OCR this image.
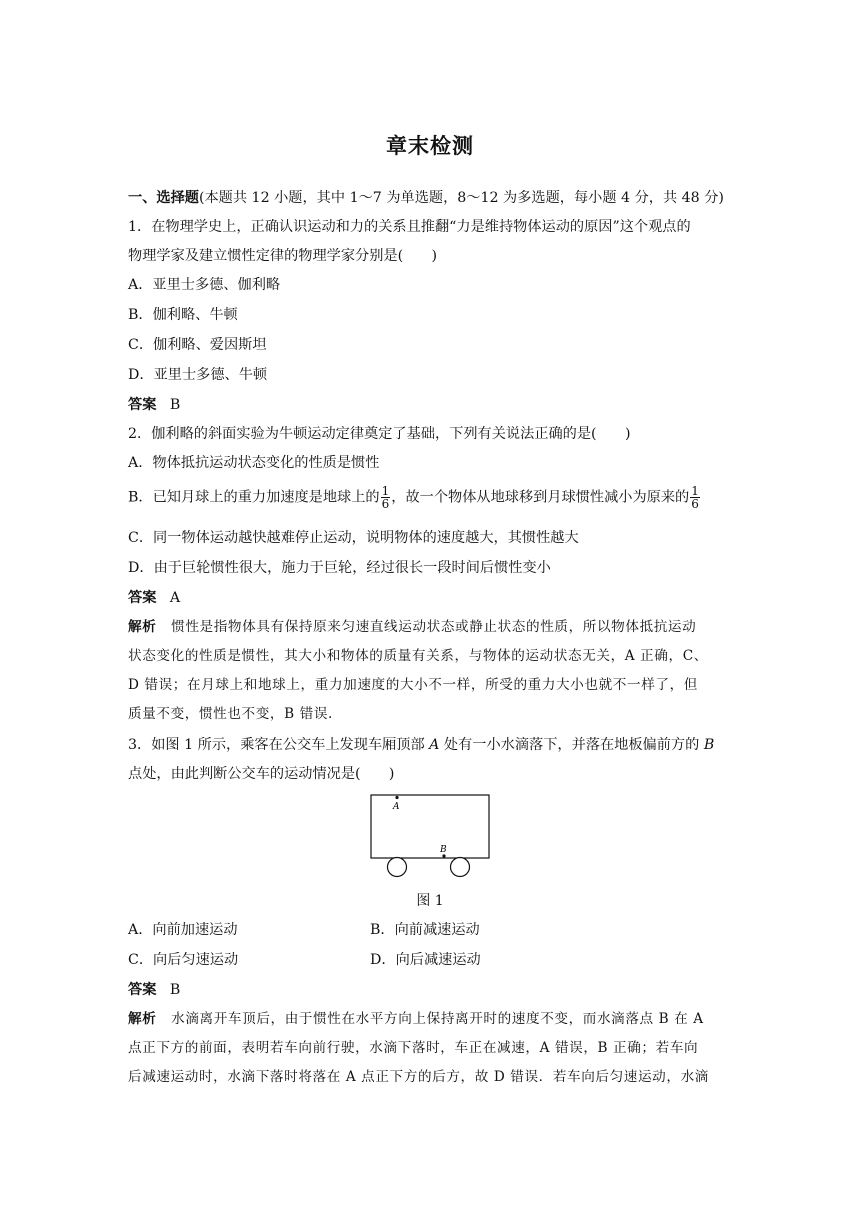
章末检测
一、选择题(本题共 12 小题，其中 1～7 为单选题，8～12 为多选题，每小题 4 分，共 48 分)
1．在物理学史上，正确认识运动和力的关系且推翻“力是维持物体运动的原因”这个观点的
物理学家及建立惯性定律的物理学家分别是(　　)
A．亚里士多德、伽利略
B．伽利略、牛顿
C．伽利略、爱因斯坦
D．亚里士多德、牛顿
答案 B
2．伽利略的斜面实验为牛顿运动定律奠定了基础，下列有关说法正确的是(　　)
A．物体抵抗运动状态变化的性质是惯性
B．已知月球上的重力加速度是地球上的 $\frac{1}{6}$ ，故一个物体从地球移到月球惯性减小为原来的 $\frac{1}{6}$
C．同一物体运动越快越难停止运动，说明物体的速度越大，其惯性越大
D．由于巨轮惯性很大，施力于巨轮，经过很长一段时间后惯性变小
答案 A
解析 惯性是指物体具有保持原来匀速直线运动状态或静止状态的性质，所以物体抵抗运动
状态变化的性质是惯性，其大小和物体的质量有关系，与物体的运动状态无关，A 正确，C、
D 错误；在月球上和地球上，重力加速度的大小不一样，所受的重力大小也就不一样了，但
质量不变，惯性也不变，B 错误.
3．如图 1 所示，乘客在公交车上发现车厢顶部 A 处有一小水滴落下，并落在地板偏前方的 B
点处，由此判断公交车的运动情况是(　　)
A
B
图 1
A．向前加速运动	B．向前减速运动
C．向后匀速运动	D．向后减速运动
答案 B
解析 水滴离开车顶后，由于惯性在水平方向上保持离开时的速度不变，而水滴落点 B 在 A
点正下方的前面，表明若车向前行驶，水滴下落时，车正在减速，A 错误，B 正确；若车向
后减速运动时，水滴下落时将落在 A 点正下方的后方，故 D 错误．若车向后匀速运动，水滴
